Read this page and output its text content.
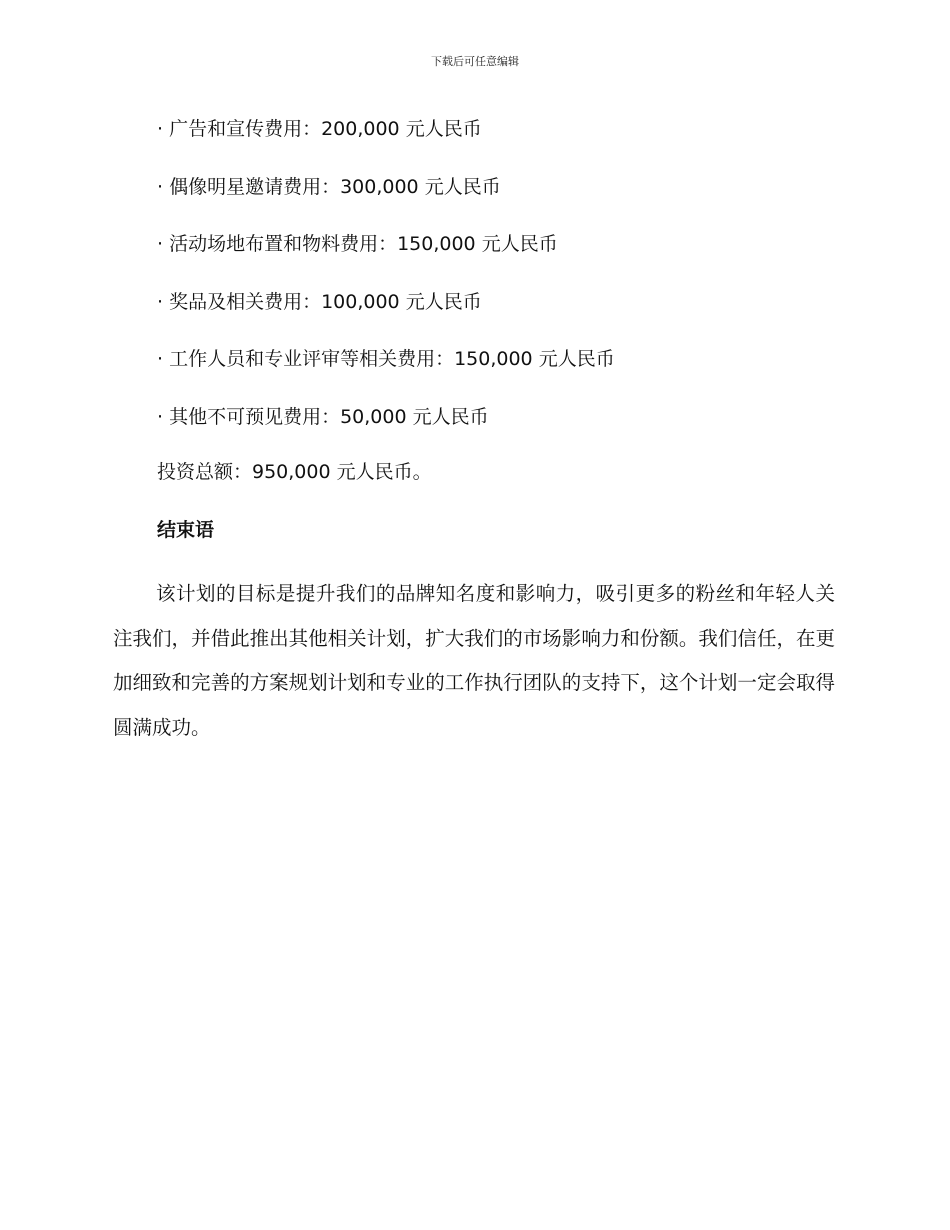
下载后可任意编辑
· 广告和宣传费用：200,000 元人民币
· 偶像明星邀请费用：300,000 元人民币
· 活动场地布置和物料费用：150,000 元人民币
· 奖品及相关费用：100,000 元人民币
· 工作人员和专业评审等相关费用：150,000 元人民币
· 其他不可预见费用：50,000 元人民币
投资总额：950,000 元人民币。
结束语

该计划的目标是提升我们的品牌知名度和影响力，吸引更多的粉丝和年轻人关注我们，并借此推出其他相关计划，扩大我们的市场影响力和份额。我们信任，在更加细致和完善的方案规划计划和专业的工作执行团队的支持下，这个计划一定会取得圆满成功。
